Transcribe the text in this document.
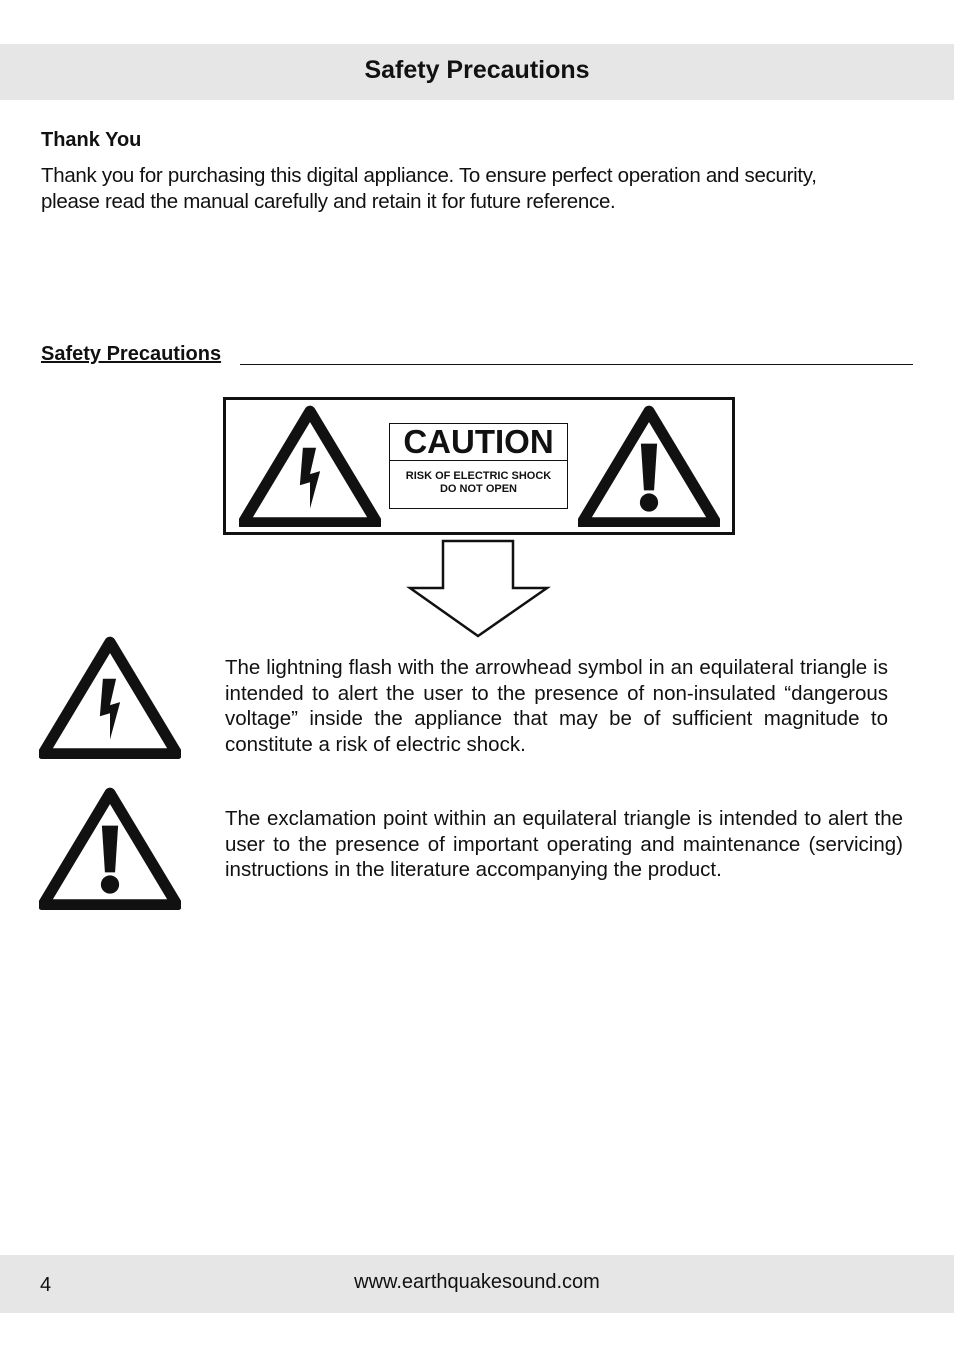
Safety Precautions
Thank You
Thank you for purchasing this digital appliance. To ensure perfect operation and security,
please read the manual carefully and retain it for future reference.
Safety Precautions
CAUTION
RISK OF ELECTRIC SHOCK
DO NOT OPEN

The lightning flash with the arrowhead symbol in an equilateral triangle is intended to alert the user to the presence of non-insulated “dangerous voltage” inside the appliance that may be of sufficient magnitude to constitute a risk of electric shock.

The exclamation point within an equilateral triangle is intended to alert the user to the presence of important operating and maintenance (servicing) instructions in the literature accompanying the product.

4	www.earthquakesound.com
